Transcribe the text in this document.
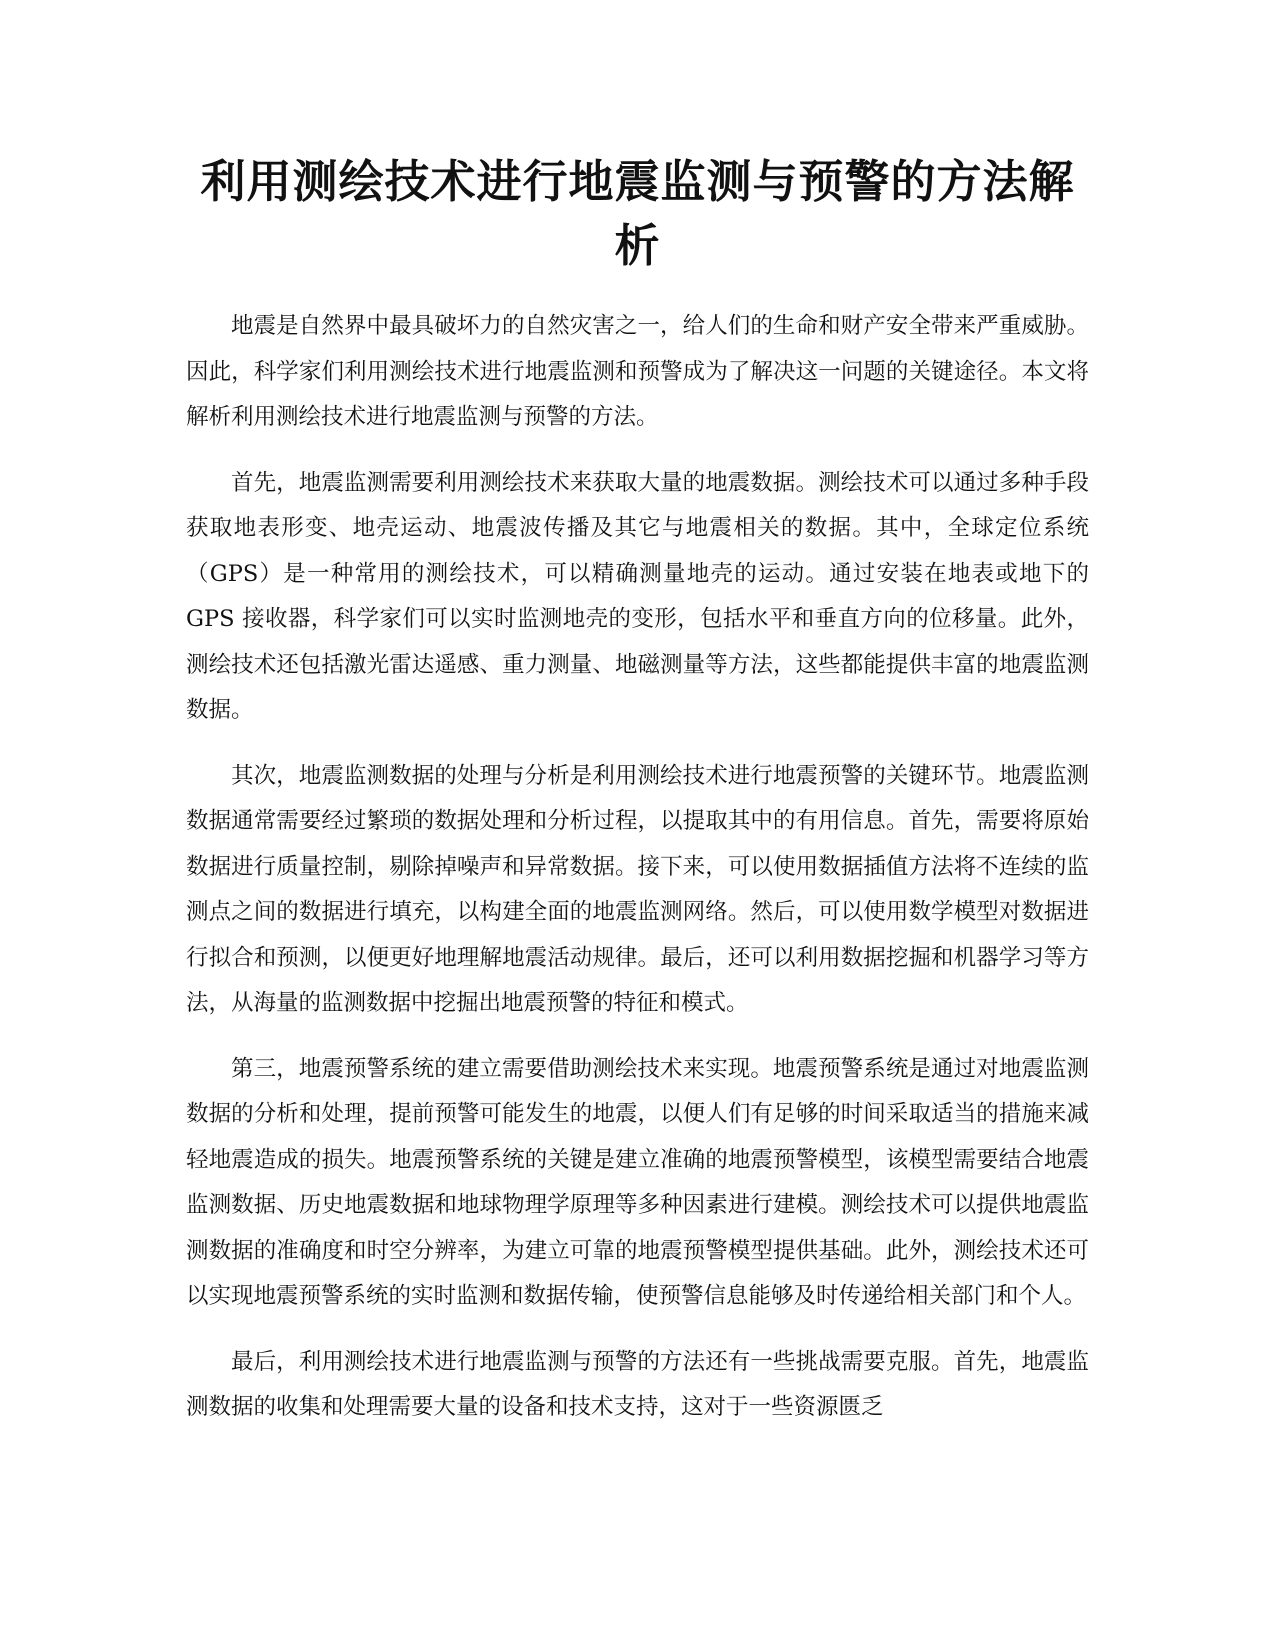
利用测绘技术进行地震监测与预警的方法解析

地震是自然界中最具破坏力的自然灾害之一，给人们的生命和财产安全带来严重威胁。因此，科学家们利用测绘技术进行地震监测和预警成为了解决这一问题的关键途径。本文将解析利用测绘技术进行地震监测与预警的方法。

首先，地震监测需要利用测绘技术来获取大量的地震数据。测绘技术可以通过多种手段获取地表形变、地壳运动、地震波传播及其它与地震相关的数据。其中，全球定位系统（GPS）是一种常用的测绘技术，可以精确测量地壳的运动。通过安装在地表或地下的 GPS 接收器，科学家们可以实时监测地壳的变形，包括水平和垂直方向的位移量。此外，测绘技术还包括激光雷达遥感、重力测量、地磁测量等方法，这些都能提供丰富的地震监测数据。

其次，地震监测数据的处理与分析是利用测绘技术进行地震预警的关键环节。地震监测数据通常需要经过繁琐的数据处理和分析过程，以提取其中的有用信息。首先，需要将原始数据进行质量控制，剔除掉噪声和异常数据。接下来，可以使用数据插值方法将不连续的监测点之间的数据进行填充，以构建全面的地震监测网络。然后，可以使用数学模型对数据进行拟合和预测，以便更好地理解地震活动规律。最后，还可以利用数据挖掘和机器学习等方法，从海量的监测数据中挖掘出地震预警的特征和模式。

第三，地震预警系统的建立需要借助测绘技术来实现。地震预警系统是通过对地震监测数据的分析和处理，提前预警可能发生的地震，以便人们有足够的时间采取适当的措施来减轻地震造成的损失。地震预警系统的关键是建立准确的地震预警模型，该模型需要结合地震监测数据、历史地震数据和地球物理学原理等多种因素进行建模。测绘技术可以提供地震监测数据的准确度和时空分辨率，为建立可靠的地震预警模型提供基础。此外，测绘技术还可以实现地震预警系统的实时监测和数据传输，使预警信息能够及时传递给相关部门和个人。

最后，利用测绘技术进行地震监测与预警的方法还有一些挑战需要克服。首先，地震监测数据的收集和处理需要大量的设备和技术支持，这对于一些资源匮乏
